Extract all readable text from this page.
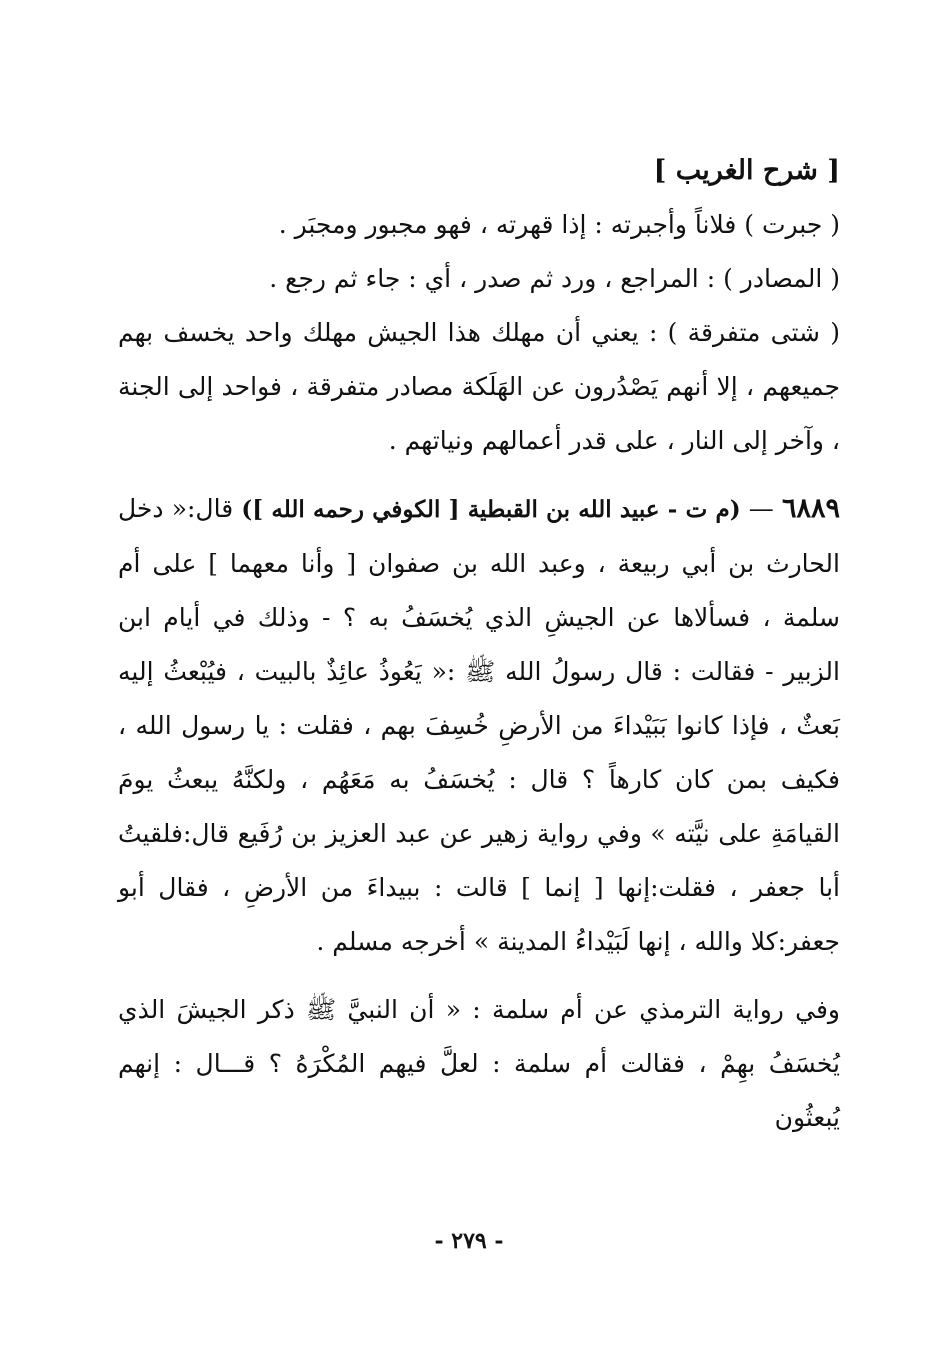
[ شرح الغريب ]

( جبرت ) فلاناً وأجبرته : إذا قهرته ، فهو مجبور ومجبَر .

( المصادر ) : المراجع ، ورد ثم صدر ، أي : جاء ثم رجع .

( شتى متفرقة ) : يعني أن مهلك هذا الجيش مهلك واحد يخسف بهم جميعهم ، إلا أنهم يَصْدُرون عن الهَلَكة مصادر متفرقة ، فواحد إلى الجنة ، وآخر إلى النار ، على قدر أعمالهم ونياتهم .

٦٨٨٩ — (م ت - عبيد الله بن القبطية [ الكوفي رحمه الله ]) قال:« دخل الحارث بن أبي ربيعة ، وعبد الله بن صفوان [ وأنا معهما ] على أم سلمة ، فسألاها عن الجيشِ الذي يُخسَفُ به ؟ - وذلك في أيام ابن الزبير - فقالت : قال رسولُ الله ﷺ :« يَعُوذُ عائِذٌ بالبيت ، فيُبْعثُ إليه بَعثٌ ، فإذا كانوا بَبَيْداءَ من الأرضِ خُسِفَ بهم ، فقلت : يا رسول الله ، فكيف بمن كان كارهاً ؟ قال : يُخسَفُ به مَعَهُم ، ولكنَّهُ يبعثُ يومَ القيامَةِ على نيَّته » وفي رواية زهير عن عبد العزيز بن رُفَيع قال:فلقيتُ أبا جعفر ، فقلت:إنها [ إنما ] قالت : ببيداءَ من الأرضِ ، فقال أبو جعفر:كلا والله ، إنها لَبَيْداءُ المدينة » أخرجه مسلم .

وفي رواية الترمذي عن أم سلمة : « أن النبيَّ ﷺ ذكر الجيشَ الذي يُخسَفُ بهِمْ ، فقالت أم سلمة : لعلَّ فيهم المُكْرَهُ ؟ قـــال : إنهم يُبعثُون

- ٢٧٩ -
